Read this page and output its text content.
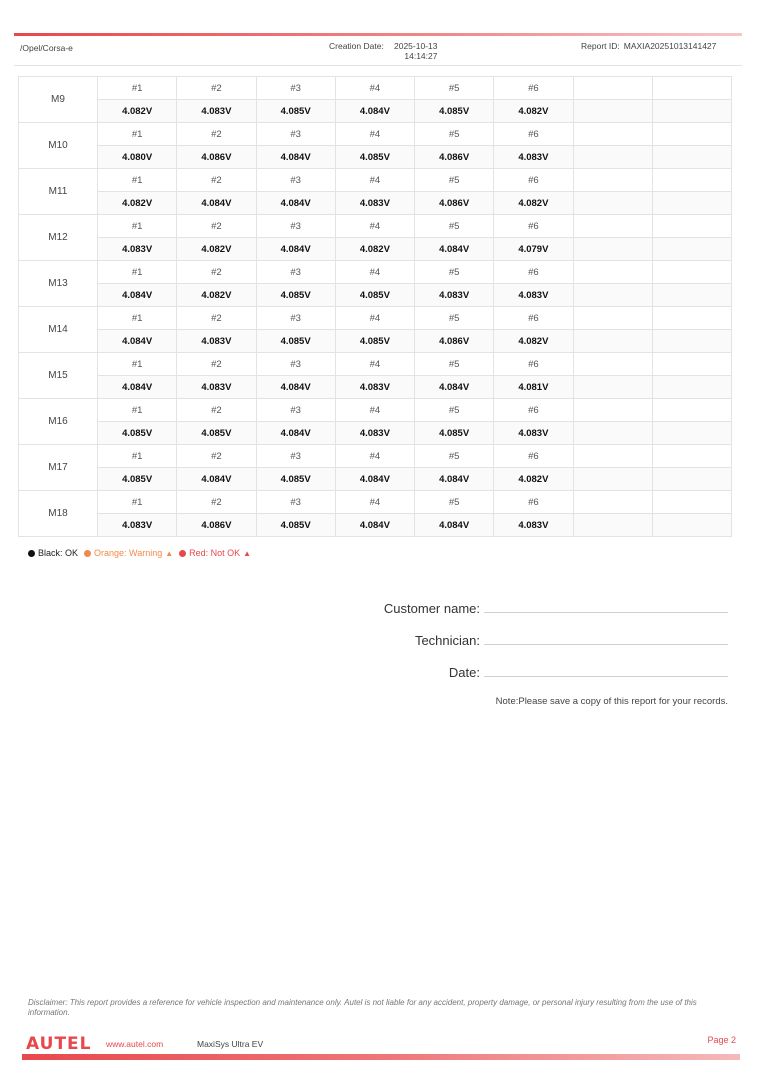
/Opel/Corsa-e	Creation Date: 2025-10-13
14:14:27
Report ID: MAXIA20251013141427
M9	#1	#2	#3	#4	#5	#6		
	4.082V	4.083V	4.085V	4.084V	4.085V	4.082V		
M10	#1	#2	#3	#4	#5	#6		
	4.080V	4.086V	4.084V	4.085V	4.086V	4.083V		
M11	#1	#2	#3	#4	#5	#6		
	4.082V	4.084V	4.084V	4.083V	4.086V	4.082V		
M12	#1	#2	#3	#4	#5	#6		
	4.083V	4.082V	4.084V	4.082V	4.084V	4.079V		
M13	#1	#2	#3	#4	#5	#6		
	4.084V	4.082V	4.085V	4.085V	4.083V	4.083V		
M14	#1	#2	#3	#4	#5	#6		
	4.084V	4.083V	4.085V	4.085V	4.086V	4.082V		
M15	#1	#2	#3	#4	#5	#6		
	4.084V	4.083V	4.084V	4.083V	4.084V	4.081V		
M16	#1	#2	#3	#4	#5	#6		
	4.085V	4.085V	4.084V	4.083V	4.085V	4.083V		
M17	#1	#2	#3	#4	#5	#6		
	4.085V	4.084V	4.085V	4.084V	4.084V	4.082V		
M18	#1	#2	#3	#4	#5	#6		
	4.083V	4.086V	4.085V	4.084V	4.084V	4.083V		
Black: OK Orange: Warning ▲ Red: Not OK ▲
Customer name:
Technician:
Date:
Note:Please save a copy of this report for your records.
Disclaimer: This report provides a reference for vehicle inspection and maintenance only. Autel is not liable for any accident, property damage, or personal injury resulting from the use of this information.
AUTEL www.autel.com	MaxiSys Ultra EV	Page 2
